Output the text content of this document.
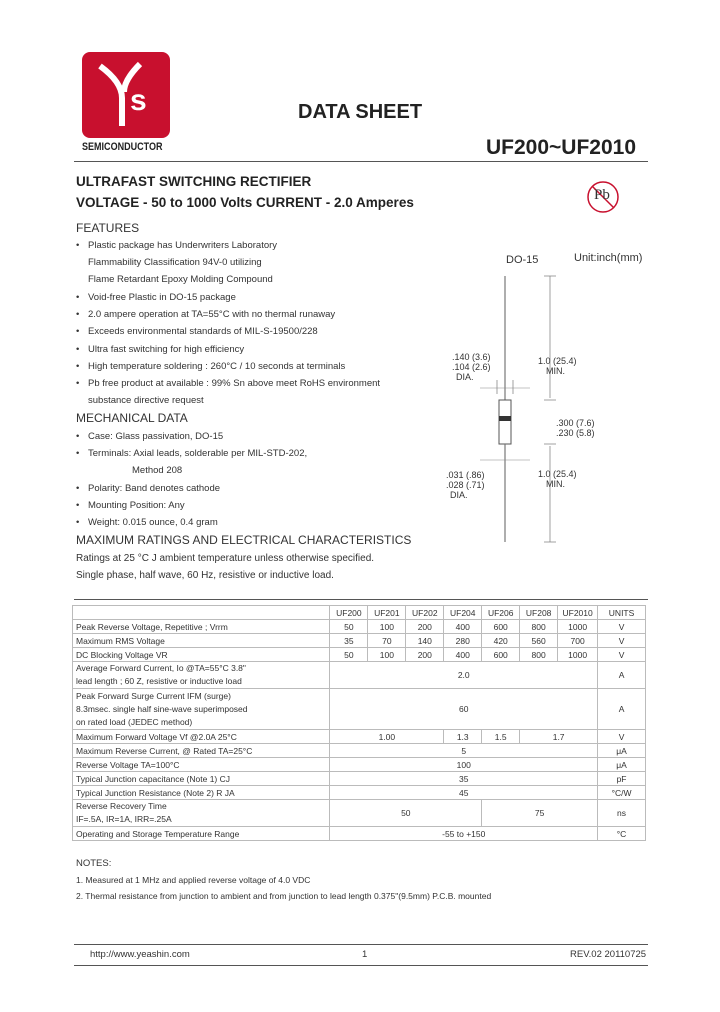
s
SEMICONDUCTOR
DATA SHEET
UF200~UF2010
ULTRAFAST SWITCHING RECTIFIER
VOLTAGE - 50 to 1000 Volts CURRENT - 2.0 Amperes	Pb
FEATURES
• Plastic package has Underwriters Laboratory
Flammability Classification 94V-0 utilizing
Flame Retardant Epoxy Molding Compound
• Void-free Plastic in DO-15 package
• 2.0 ampere operation at TA=55°C with no thermal runaway
• Exceeds environmental standards of MIL-S-19500/228
• Ultra fast switching for high efficiency
• High temperature soldering : 260°C / 10 seconds at terminals
• Pb free product at available : 99% Sn above meet RoHS environment
substance directive request
MECHANICAL DATA
• Case: Glass passivation, DO-15
• Terminals: Axial leads, solderable per MIL-STD-202,
Method 208
• Polarity: Band denotes cathode
• Mounting Position: Any
• Weight: 0.015 ounce, 0.4 gram
MAXIMUM RATINGS AND ELECTRICAL CHARACTERISTICS
Ratings at 25 °C J ambient temperature unless otherwise specified.
Single phase, half wave, 60 Hz, resistive or inductive load.
DO-15	Unit:inch(mm)
.140 (3.6)
.104 (2.6)
DIA.
1.0 (25.4)
MIN.
.300 (7.6)
.230 (5.8)
.031 (.86)
.028 (.71)
DIA.
1.0 (25.4)
MIN.
	UF200	UF201	UF202	UF204	UF206	UF208	UF2010	UNITS
Peak Reverse Voltage, Repetitive ; Vrrm	50	100	200	400	600	800	1000	V
Maximum RMS Voltage	35	70	140	280	420	560	700	V
DC Blocking Voltage VR	50	100	200	400	600	800	1000	V
Average Forward Current, Io @TA=55°C 3.8"
lead length ; 60 Z, resistive or inductive load	2.0							A
Peak Forward Surge Current IFM (surge)
8.3msec. single half sine-wave superimposed
on rated load (JEDEC method)	60							A
Maximum Forward Voltage Vf @2.0A 25°C	1.00			1.3	1.5	1.7		V
Maximum Reverse Current, @ Rated TA=25°C	5							μA
Reverse Voltage TA=100°C	100							μA
Typical Junction capacitance (Note 1) CJ	35							pF
Typical Junction Resistance (Note 2) R JA	45							°C/W
Reverse Recovery Time
IF=.5A, IR=1A, IRR=.25A	50				75			ns
Operating and Storage Temperature Range	-55 to +150							°C
NOTES:
1. Measured at 1 MHz and applied reverse voltage of 4.0 VDC
2. Thermal resistance from junction to ambient and from junction to lead length 0.375"(9.5mm) P.C.B. mounted
http://www.yeashin.com	1	REV.02 20110725
